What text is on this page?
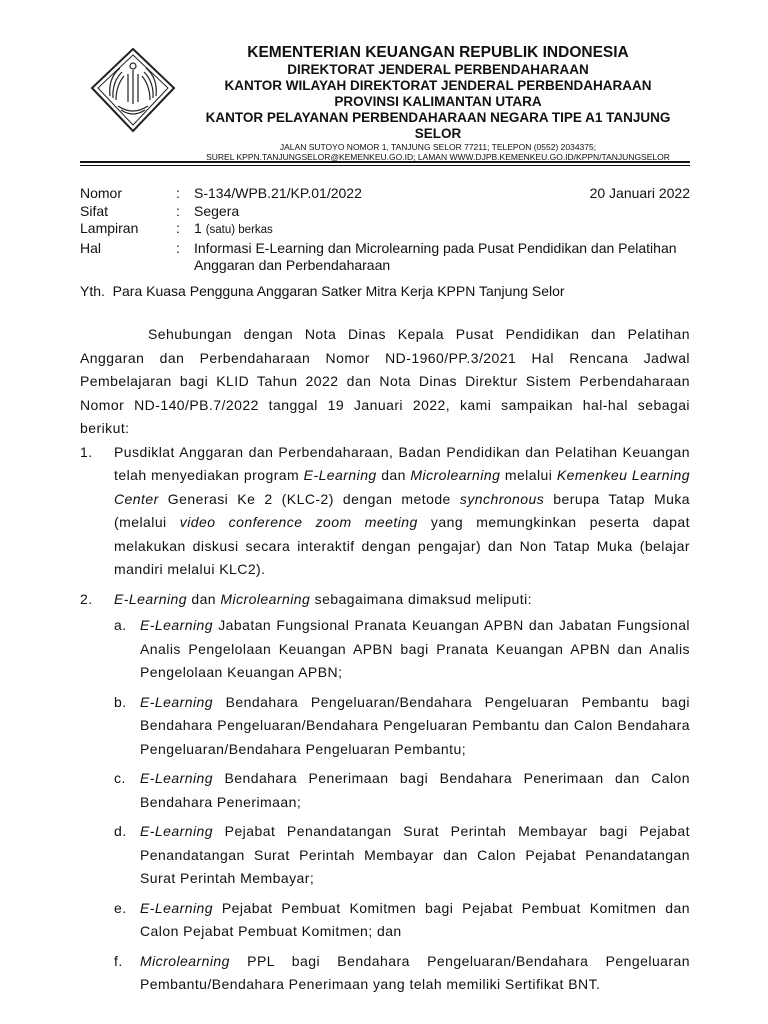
KEMENTERIAN KEUANGAN REPUBLIK INDONESIA
DIREKTORAT JENDERAL PERBENDAHARAAN
KANTOR WILAYAH DIREKTORAT JENDERAL PERBENDAHARAAN
PROVINSI KALIMANTAN UTARA
KANTOR PELAYANAN PERBENDAHARAAN NEGARA TIPE A1 TANJUNG
SELOR
JALAN SUTOYO NOMOR 1, TANJUNG SELOR 77211; TELEPON (0552) 2034375;
SUREL KPPN.TANJUNGSELOR@KEMENKEU.GO.ID; LAMAN WWW.DJPB.KEMENKEU.GO.ID/KPPN/TANJUNGSELOR
Nomor	:	S-134/WPB.21/KP.01/2022	20 Januari 2022
Sifat	:	Segera
Lampiran	:	1 (satu) berkas
Hal	:	Informasi E-Learning dan Microlearning pada Pusat Pendidikan dan Pelatihan
Anggaran dan Perbendaharaan
Yth.  Para Kuasa Pengguna Anggaran Satker Mitra Kerja KPPN Tanjung Selor

Sehubungan dengan Nota Dinas Kepala Pusat Pendidikan dan Pelatihan Anggaran dan Perbendaharaan Nomor ND-1960/PP.3/2021 Hal Rencana Jadwal Pembelajaran bagi KLID Tahun 2022 dan Nota Dinas Direktur Sistem Perbendaharaan Nomor ND-140/PB.7/2022 tanggal 19 Januari 2022, kami sampaikan hal-hal sebagai berikut:

1.	Pusdiklat Anggaran dan Perbendaharaan, Badan Pendidikan dan Pelatihan Keuangan telah menyediakan program E-Learning dan Microlearning melalui Kemenkeu Learning Center Generasi Ke 2 (KLC-2) dengan metode synchronous berupa Tatap Muka (melalui video conference zoom meeting yang memungkinkan peserta dapat melakukan diskusi secara interaktif dengan pengajar) dan Non Tatap Muka (belajar mandiri melalui KLC2).
2.	E-Learning dan Microlearning sebagaimana dimaksud meliputi:
a. E-Learning Jabatan Fungsional Pranata Keuangan APBN dan Jabatan Fungsional Analis Pengelolaan Keuangan APBN bagi Pranata Keuangan APBN dan Analis Pengelolaan Keuangan APBN;
b. E-Learning Bendahara Pengeluaran/Bendahara Pengeluaran Pembantu bagi Bendahara Pengeluaran/Bendahara Pengeluaran Pembantu dan Calon Bendahara Pengeluaran/Bendahara Pengeluaran Pembantu;
c.	E-Learning Bendahara Penerimaan bagi Bendahara Penerimaan dan Calon Bendahara Penerimaan;
d. E-Learning Pejabat Penandatangan Surat Perintah Membayar bagi Pejabat Penandatangan Surat Perintah Membayar dan Calon Pejabat Penandatangan Surat Perintah Membayar;
e. E-Learning Pejabat Pembuat Komitmen bagi Pejabat Pembuat Komitmen dan Calon Pejabat Pembuat Komitmen; dan
f.	Microlearning PPL bagi Bendahara Pengeluaran/Bendahara Pengeluaran Pembantu/Bendahara Penerimaan yang telah memiliki Sertifikat BNT.
